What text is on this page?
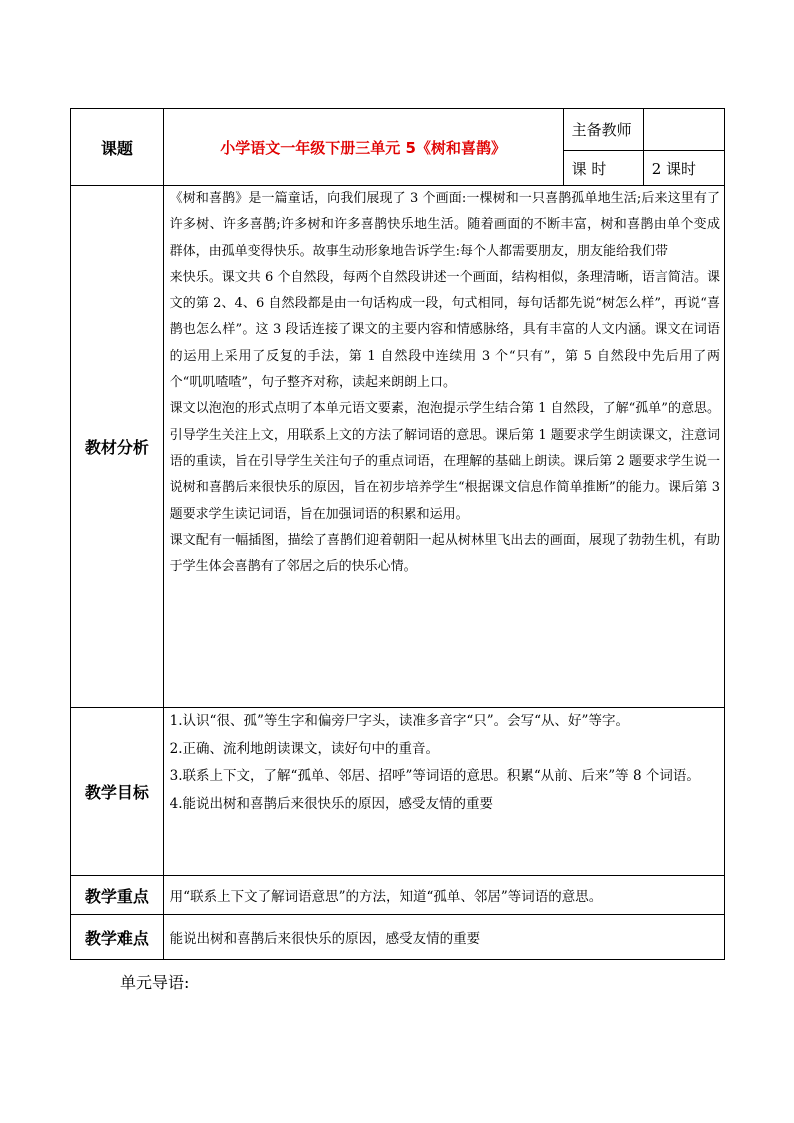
课题	小学语文一年级下册三单元 5《树和喜鹊》	主备教师	
		课 时	2 课时
教材分析	《树和喜鹊》是一篇童话，向我们展现了 3 个画面:一棵树和一只喜鹊孤单地生活;后来这里有了许多树、许多喜鹊;许多树和许多喜鹊快乐地生活。随着画面的不断丰富，树和喜鹊由单个变成群体，由孤单变得快乐。故事生动形象地告诉学生:每个人都需要朋友，朋友能给我们带

来快乐。课文共 6 个自然段，每两个自然段讲述一个画面，结构相似，条理清晰，语言简洁。课文的第 2、4、6 自然段都是由一句话构成一段，句式相同，每句话都先说“树怎么样”，再说“喜鹊也怎么样”。这 3 段话连接了课文的主要内容和情感脉络，具有丰富的人文内涵。课文在词语的运用上采用了反复的手法，第 1 自然段中连续用 3 个“只有”，第 5 自然段中先后用了两个“叽叽喳喳”，句子整齐对称，读起来朗朗上口。

课文以泡泡的形式点明了本单元语文要素，泡泡提示学生结合第 1 自然段，了解“孤单”的意思。引导学生关注上文，用联系上文的方法了解词语的意思。课后第 1 题要求学生朗读课文，注意词语的重读，旨在引导学生关注句子的重点词语，在理解的基础上朗读。课后第 2 题要求学生说一说树和喜鹊后来很快乐的原因，旨在初步培养学生“根据课文信息作简单推断”的能力。课后第 3 题要求学生读记词语，旨在加强词语的积累和运用。

课文配有一幅插图，描绘了喜鹊们迎着朝阳一起从树林里飞出去的画面，展现了勃勃生机，有助于学生体会喜鹊有了邻居之后的快乐心情。		

教学目标	1.认识“很、孤”等生字和偏旁尸字头，读准多音字“只”。会写“从、好”等字。

2.正确、流利地朗读课文，读好句中的重音。

3.联系上下文，了解“孤单、邻居、招呼”等词语的意思。积累“从前、后来”等 8 个词语。

4.能说出树和喜鹊后来很快乐的原因，感受友情的重要		

教学重点	用“联系上下文了解词语意思”的方法，知道“孤单、邻居”等词语的意思。		
教学难点	能说出树和喜鹊后来很快乐的原因，感受友情的重要		
单元导语:
